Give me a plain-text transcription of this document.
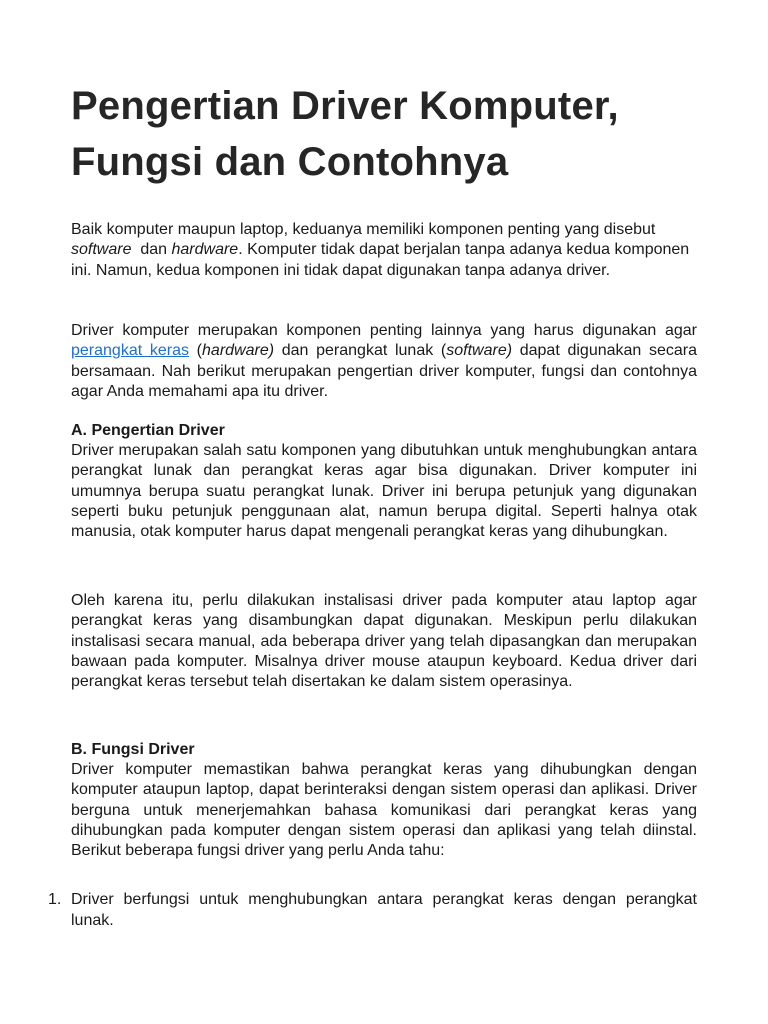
Pengertian Driver Komputer,
Fungsi dan Contohnya

Baik komputer maupun laptop, keduanya memiliki komponen penting yang disebut software  dan hardware. Komputer tidak dapat berjalan tanpa adanya kedua komponen ini. Namun, kedua komponen ini tidak dapat digunakan tanpa adanya driver.

Driver komputer merupakan komponen penting lainnya yang harus digunakan agar perangkat keras (hardware) dan perangkat lunak (software) dapat digunakan secara bersamaan. Nah berikut merupakan pengertian driver komputer, fungsi dan contohnya agar Anda memahami apa itu driver.

A. Pengertian Driver

Driver merupakan salah satu komponen yang dibutuhkan untuk menghubungkan antara perangkat lunak dan perangkat keras agar bisa digunakan. Driver komputer ini umumnya berupa suatu perangkat lunak. Driver ini berupa petunjuk yang digunakan seperti buku petunjuk penggunaan alat, namun berupa digital. Seperti halnya otak manusia, otak komputer harus dapat mengenali perangkat keras yang dihubungkan.

Oleh karena itu, perlu dilakukan instalisasi driver pada komputer atau laptop agar perangkat keras yang disambungkan dapat digunakan. Meskipun perlu dilakukan instalisasi secara manual, ada beberapa driver yang telah dipasangkan dan merupakan bawaan pada komputer. Misalnya driver mouse ataupun keyboard. Kedua driver dari perangkat keras tersebut telah disertakan ke dalam sistem operasinya.

B. Fungsi Driver

Driver komputer memastikan bahwa perangkat keras yang dihubungkan dengan komputer ataupun laptop, dapat berinteraksi dengan sistem operasi dan aplikasi. Driver berguna untuk menerjemahkan bahasa komunikasi dari perangkat keras yang dihubungkan pada komputer dengan sistem operasi dan aplikasi yang telah diinstal. Berikut beberapa fungsi driver yang perlu Anda tahu:

1. Driver berfungsi untuk menghubungkan antara perangkat keras dengan perangkat lunak.
